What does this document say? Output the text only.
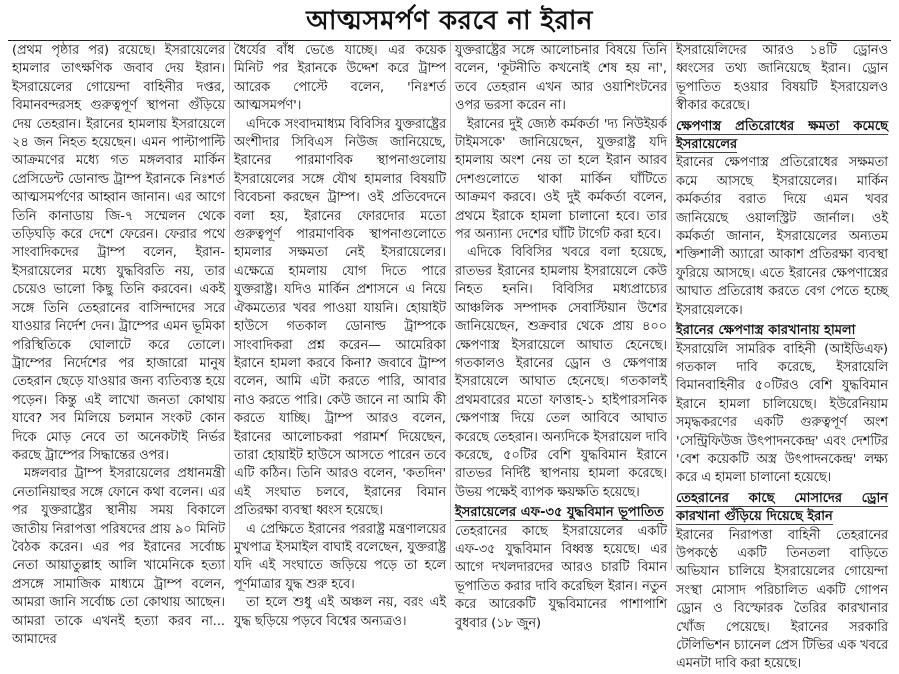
আত্মসমর্পণ করবে না ইরান

(প্রথম পৃষ্ঠার পর) রয়েছে। ইসরায়েলের হামলার তাৎক্ষণিক জবাব দেয় ইরান। ইসরায়েলের গোয়েন্দা বাহিনীর দপ্তর, বিমানবন্দরসহ গুরুত্বপূর্ণ স্থাপনা গুঁড়িয়ে দেয় তেহরান। ইরানের হামলায় ইসরায়েলে ২৪ জন নিহত হয়েছেন। এমন পাল্টাপাল্টি আক্রমণের মধ্যে গত মঙ্গলবার মার্কিন প্রেসিডেন্ট ডোনাল্ড ট্রাম্প ইরানকে নিঃশর্ত আত্মসমর্পণের আহ্বান জানান। এর আগে তিনি কানাডায় জি-৭ সম্মেলন থেকে তড়িঘড়ি করে দেশে ফেরেন। ফেরার পথে সাংবাদিকদের ট্রাম্প বলেন, ইরান-ইসরায়েলের মধ্যে যুদ্ধবিরতি নয়, তার চেয়েও ভালো কিছু তিনি করবেন। একই সঙ্গে তিনি তেহরানের বাসিন্দাদের সরে যাওয়ার নির্দেশ দেন। ট্রাম্পের এমন ভূমিকা পরিস্থিতিকে ঘোলাটে করে তোলে। ট্রাম্পের নির্দেশের পর হাজারো মানুষ তেহরান ছেড়ে যাওয়ার জন্য ব্যতিব্যস্ত হয়ে পড়েন। কিন্তু এই লাখো জনতা কোথায় যাবে? সব মিলিয়ে চলমান সংকট কোন দিকে মোড় নেবে তা অনেকটাই নির্ভর করছে ট্রাম্পের সিদ্ধান্তের ওপর।

মঙ্গলবার ট্রাম্প ইসরায়েলের প্রধানমন্ত্রী নেতানিয়াহুর সঙ্গে ফোনে কথা বলেন। এর পর যুক্তরাষ্ট্রের স্থানীয় সময় বিকালে জাতীয় নিরাপত্তা পরিষদের প্রায় ৯০ মিনিট বৈঠক করেন। এর পর ইরানের সর্বোচ্চ নেতা আয়াতুল্লাহ আলি খামেনিকে হত্যা প্রসঙ্গে সামাজিক মাধ্যমে ট্রাম্প বলেন, আমরা জানি সর্বোচ্চ তো কোথায় আছেন। আমরা তাকে এখনই হত্যা করব না... আমাদের

ধৈর্যের বাঁধ ভেঙে যাচ্ছে। এর কয়েক মিনিট পর ইরানকে উদ্দেশ করে ট্রাম্প আরেক পোস্টে বলেন, 'নিঃশর্ত আত্মসমর্পণ'।

এদিকে সংবাদমাধ্যম বিবিসির যুক্তরাষ্ট্রের অংশীদার সিবিএস নিউজ জানিয়েছে, ইরানের পারমাণবিক স্থাপনাগুলোয় ইসরায়েলের সঙ্গে যৌথ হামলার বিষয়টি বিবেচনা করছেন ট্রাম্প। ওই প্রতিবেদনে বলা হয়, ইরানের ফোরদোর মতো গুরুত্বপূর্ণ পারমাণবিক স্থাপনাগুলোতে হামলার সক্ষমতা নেই ইসরায়েলের। এক্ষেত্রে হামলায় যোগ দিতে পারে যুক্তরাষ্ট্র। যদিও মার্কিন প্রশাসনে এ নিয়ে ঐকমত্যের খবর পাওয়া যায়নি। হোয়াইট হাউসে গতকাল ডোনাল্ড ট্রাম্পকে সাংবাদিকরা প্রশ্ন করেন— আমেরিকা ইরানে হামলা করবে কিনা? জবাবে ট্রাম্প বলেন, আমি এটা করতে পারি, আবার নাও করতে পারি। কেউ জানে না আমি কী করতে যাচ্ছি। ট্রাম্প আরও বলেন, ইরানের আলোচকরা পরামর্শ দিয়েছেন, তারা হোয়াইট হাউসে আসতে পারেন তবে এটি কঠিন। তিনি আরও বলেন, 'কতদিন' এই সংঘাত চলবে, ইরানের বিমান প্রতিরক্ষা ব্যবস্থা ধ্বংস হয়েছে।

এ প্রেক্ষিতে ইরানের পররাষ্ট্র মন্ত্রণালয়ের মুখপাত্র ইসমাইল বাঘাই বলেছেন, যুক্তরাষ্ট্র যদি এই সংঘাতে জড়িয়ে পড়ে তা হলে পূর্ণমাত্রার যুদ্ধ শুরু হবে।

তা হলে শুধু এই অঞ্চল নয়, বরং এই যুদ্ধ ছড়িয়ে পড়বে বিশ্বের অন্যত্রও।

যুক্তরাষ্ট্রের সঙ্গে আলোচনার বিষয়ে তিনি বলেন, 'কূটনীতি কখনোই শেষ হয় না', তবে তেহরান এখন আর ওয়াশিংটনের ওপর ভরসা করেন না।

ইরানের দুই জ্যেষ্ঠ কর্মকর্তা 'দ্য নিউইয়র্ক টাইমসকে' জানিয়েছেন, যুক্তরাষ্ট্র যদি হামলায় অংশ নেয় তা হলে ইরান আরব দেশগুলোতে থাকা মার্কিন ঘাঁটিতে আক্রমণ করবে। ওই দুই কর্মকর্তা বলেন, প্রথমে ইরাকে হামলা চালানো হবে। তার পর অন্যান্য দেশের ঘাঁটি টার্গেট করা হবে।

এদিকে বিবিসির খবরে বলা হয়েছে, রাতভর ইরানের হামলায় ইসরায়েলে কেউ নিহত হননি। বিবিসির মধ্যপ্রাচ্যের আঞ্চলিক সম্পাদক সেবাস্টিয়ান উশের জানিয়েছেন, শুক্রবার থেকে প্রায় ৪০০ ক্ষেপণাস্ত্র ইসরায়েলে আঘাত হেনেছে। গতকালও ইরানের ড্রোন ও ক্ষেপণাস্ত্র ইসরায়েলে আঘাত হেনেছে। গতকালই প্রথমবারের মতো ফাত্তাহ-১ হাইপারসনিক ক্ষেপণাস্ত্র দিয়ে তেল আবিবে আঘাত করেছে তেহরান। অন্যদিকে ইসরায়েল দাবি করেছে, ৫০টির বেশি যুদ্ধবিমান ইরানে রাতভর নির্দিষ্ট স্থাপনায় হামলা করেছে। উভয় পক্ষেই ব্যাপক ক্ষয়ক্ষতি হয়েছে।

ইসরায়েলের এফ-৩৫ যুদ্ধবিমান ভূপাতিত

তেহরানের কাছে ইসরায়েলের একটি এফ-৩৫ যুদ্ধবিমান বিধ্বস্ত হয়েছে। এর আগে দখলদারদের আরও চারটি বিমান ভূপাতিত করার দাবি করেছিল ইরান। নতুন করে আরেকটি যুদ্ধবিমানের পাশাপাশি বুধবার (১৮ জুন)

ইসরায়েলিদের আরও ১৪টি ড্রোনও ধ্বংসের তথ্য জানিয়েছে ইরান। ড্রোন ভূপাতিত হওয়ার বিষয়টি ইসরায়েলও স্বীকার করেছে।

ক্ষেপণাস্ত্র প্রতিরোধের ক্ষমতা কমেছে ইসরায়েলের

ইরানের ক্ষেপণাস্ত্র প্রতিরোধের সক্ষমতা কমে আসছে ইসরায়েলের। মার্কিন কর্মকর্তার বরাত দিয়ে এমন খবর জানিয়েছে ওয়ালস্ট্রিট জার্নাল। ওই কর্মকর্তা জানান, ইসরায়েলের অন্যতম শক্তিশালী অ্যারো আকাশ প্রতিরক্ষা ব্যবস্থা ফুরিয়ে আসছে। এতে ইরানের ক্ষেপণাস্ত্রের আঘাত প্রতিরোধ করতে বেগ পেতে হচ্ছে ইসরায়েলকে।

ইরানের ক্ষেপণাস্ত্র কারখানায় হামলা

ইসরায়েলি সামরিক বাহিনী (আইডিএফ) গতকাল দাবি করেছে, ইসরায়েলি বিমানবাহিনীর ৫০টিরও বেশি যুদ্ধবিমান ইরানে হামলা চালিয়েছে। ইউরেনিয়াম সমৃদ্ধকরণের একটি গুরুত্বপূর্ণ অংশ 'সেন্ট্রিফিউজ উৎপাদনকেন্দ্র' এবং দেশটির 'বেশ কয়েকটি অস্ত্র উৎপাদনকেন্দ্র' লক্ষ্য করে এ হামলা চালানো হয়েছে।

তেহরানের কাছে মোসাদের ড্রোন কারখানা গুঁড়িয়ে দিয়েছে ইরান

ইরানের নিরাপত্তা বাহিনী তেহরানের উপকণ্ঠে একটি তিনতলা বাড়িতে অভিযান চালিয়ে ইসরায়েলের গোয়েন্দা সংস্থা মোসাদ পরিচালিত একটি গোপন ড্রোন ও বিস্ফোরক তৈরির কারখানার খোঁজ পেয়েছে। ইরানের সরকারি টেলিভিশন চ্যানেল প্রেস টিভির এক খবরে এমনটা দাবি করা হয়েছে।
